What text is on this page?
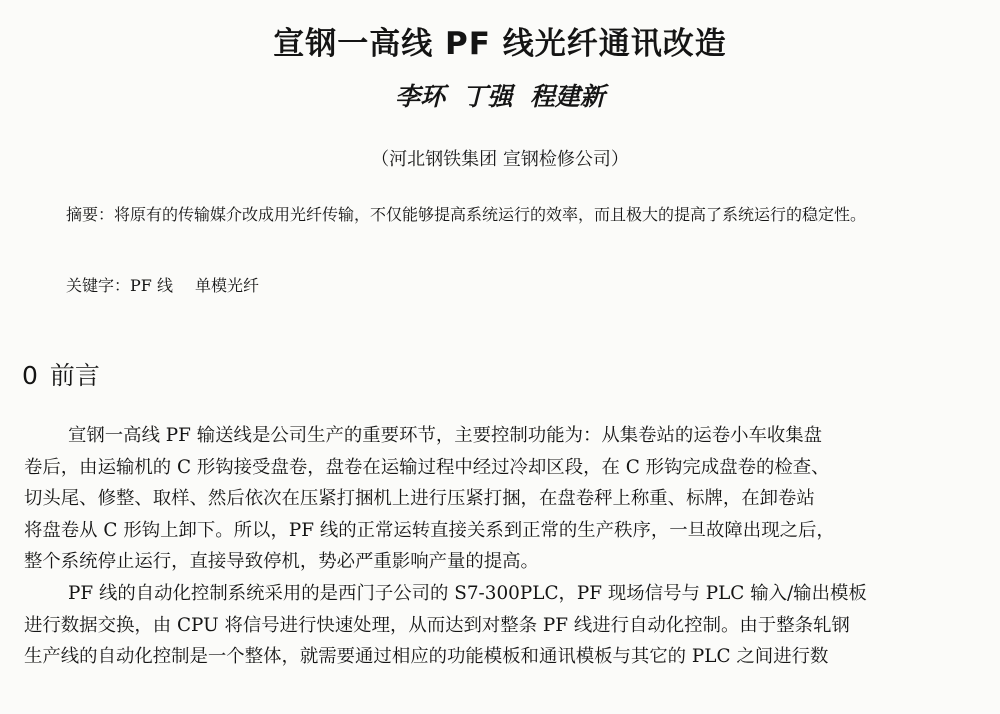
宣钢一高线 PF 线光纤通讯改造
李环  丁强  程建新
（河北钢铁集团 宣钢检修公司）

摘要：将原有的传输媒介改成用光纤传输，不仅能够提高系统运行的效率，而且极大的提高了系统运行的稳定性。

关键字：PF 线 单模光纤

0 前言

宣钢一高线 PF 输送线是公司生产的重要环节，主要控制功能为：从集卷站的运卷小车收集盘

卷后，由运输机的 C 形钩接受盘卷，盘卷在运输过程中经过冷却区段，在 C 形钩完成盘卷的检查、

切头尾、修整、取样、然后依次在压紧打捆机上进行压紧打捆，在盘卷秤上称重、标牌，在卸卷站

将盘卷从 C 形钩上卸下。所以，PF 线的正常运转直接关系到正常的生产秩序，一旦故障出现之后，

整个系统停止运行，直接导致停机，势必严重影响产量的提高。

PF 线的自动化控制系统采用的是西门子公司的 S7-300PLC，PF 现场信号与 PLC 输入/输出模板

进行数据交换，由 CPU 将信号进行快速处理，从而达到对整条 PF 线进行自动化控制。由于整条轧钢

生产线的自动化控制是一个整体，就需要通过相应的功能模板和通讯模板与其它的 PLC 之间进行数
